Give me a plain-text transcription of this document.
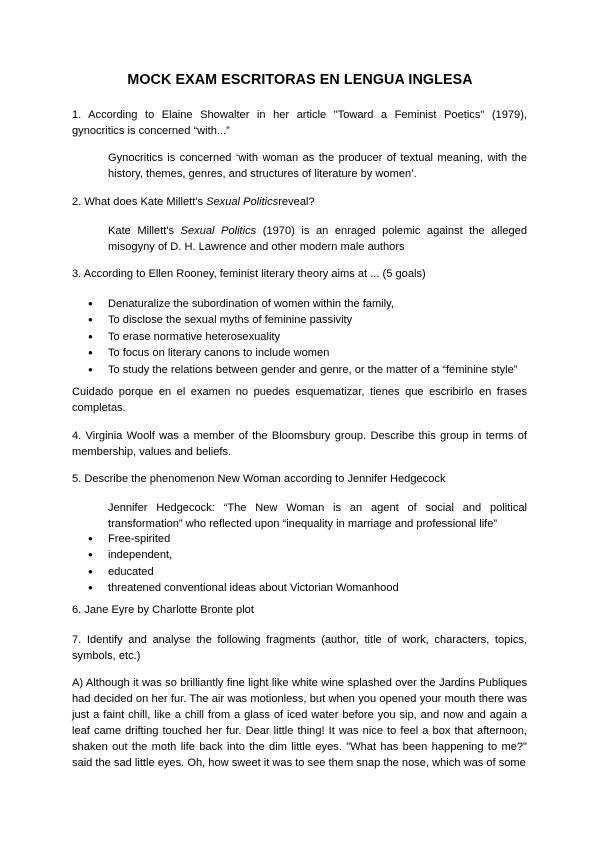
MOCK EXAM ESCRITORAS EN LENGUA INGLESA
1. According to Elaine Showalter in her article "Toward a Feminist Poetics" (1979), gynocritics is concerned “with...”
Gynocritics is concerned ‘with woman as the producer of textual meaning, with the history, themes, genres, and structures of literature by women’.
2. What does Kate Millett's Sexual Politicsreveal?
Kate Millett's Sexual Politics (1970) is an enraged polemic against the alleged misogyny of D. H. Lawrence and other modern male authors
3. According to Ellen Rooney, feminist literary theory aims at ... (5 goals)
● Denaturalize the subordination of women within the family,
● To disclose the sexual myths of feminine passivity
● To erase normative heterosexuality
● To focus on literary canons to include women
● To study the relations between gender and genre, or the matter of a “feminine style”
Cuidado porque en el examen no puedes esquematizar, tienes que escribirlo en frases completas.
4. Virginia Woolf was a member of the Bloomsbury group. Describe this group in terms of membership, values and beliefs.
5. Describe the phenomenon New Woman according to Jennifer Hedgecock
Jennifer Hedgecock: “The New Woman is an agent of social and political transformation” who reflected upon “inequality in marriage and professional life”
● Free-spirited
● independent,
● educated
● threatened conventional ideas about Victorian Womanhood
6. Jane Eyre by Charlotte Bronte plot
7. Identify and analyse the following fragments (author, title of work, characters, topics, symbols, etc.)
A) Although it was so brilliantly fine light like white wine splashed over the Jardins Publiques had decided on her fur. The air was motionless, but when you opened your mouth there was just a faint chill, like a chill from a glass of iced water before you sip, and now and again a leaf came drifting touched her fur. Dear little thing! It was nice to feel a box that afternoon, shaken out the moth life back into the dim little eyes. "What has been happening to me?" said the sad little eyes. Oh, how sweet it was to see them snap the nose, which was of some
